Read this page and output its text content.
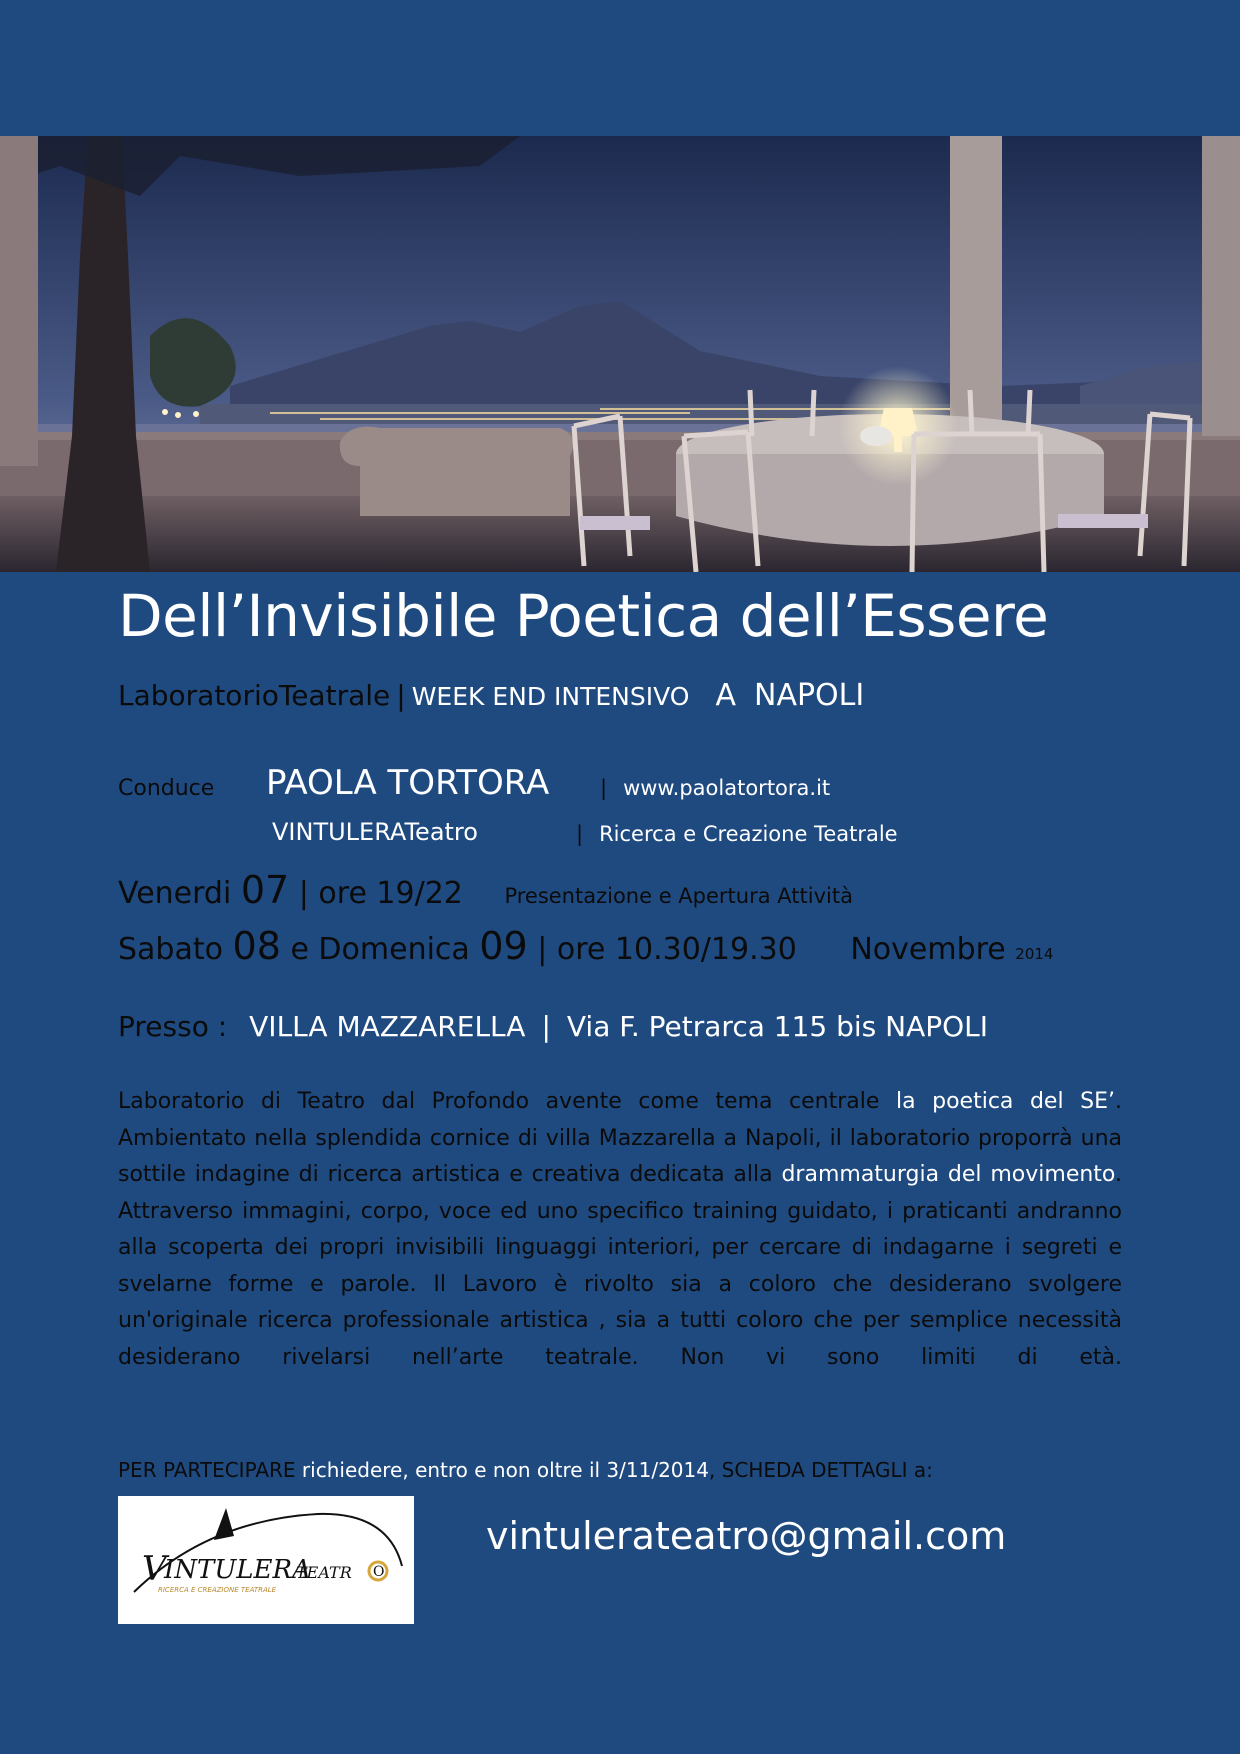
Dell’Invisibile Poetica dell’Essere
LaboratorioTeatrale | WEEK END INTENSIVO A NAPOLI
Conduce PAOLA TORTORA | www.paolatortora.it
VINTULERATeatro	| Ricerca e Creazione Teatrale
Venerdi 07 | ore 19/22 Presentazione e Apertura Attività
Sabato 08 e Domenica 09 | ore 10.30/19.30 Novembre 2014
Presso : VILLA MAZZARELLA | Via F. Petrarca 115 bis NAPOLI
Laboratorio di Teatro dal Profondo avente come tema centrale la poetica del SE’. Ambientato nella splendida cornice di villa Mazzarella a Napoli, il laboratorio proporrà una sottile indagine di ricerca artistica e creativa dedicata alla drammaturgia del movimento. Attraverso immagini, corpo, voce ed uno specifico training guidato, i praticanti andranno alla scoperta dei propri invisibili linguaggi interiori, per cercare di indagarne i segreti e svelarne forme e parole. Il Lavoro è rivolto sia a coloro che desiderano svolgere un'originale ricerca professionale artistica , sia a tutti coloro che per semplice necessità desiderano rivelarsi nell’arte teatrale. Non vi sono limiti di età.
PER PARTECIPARE richiedere, entro e non oltre il 3/11/2014, SCHEDA DETTAGLI a:
V
INTULERA
TEATR O
RICERCA E CREAZIONE TEATRALE
vintulerateatro@gmail.com
